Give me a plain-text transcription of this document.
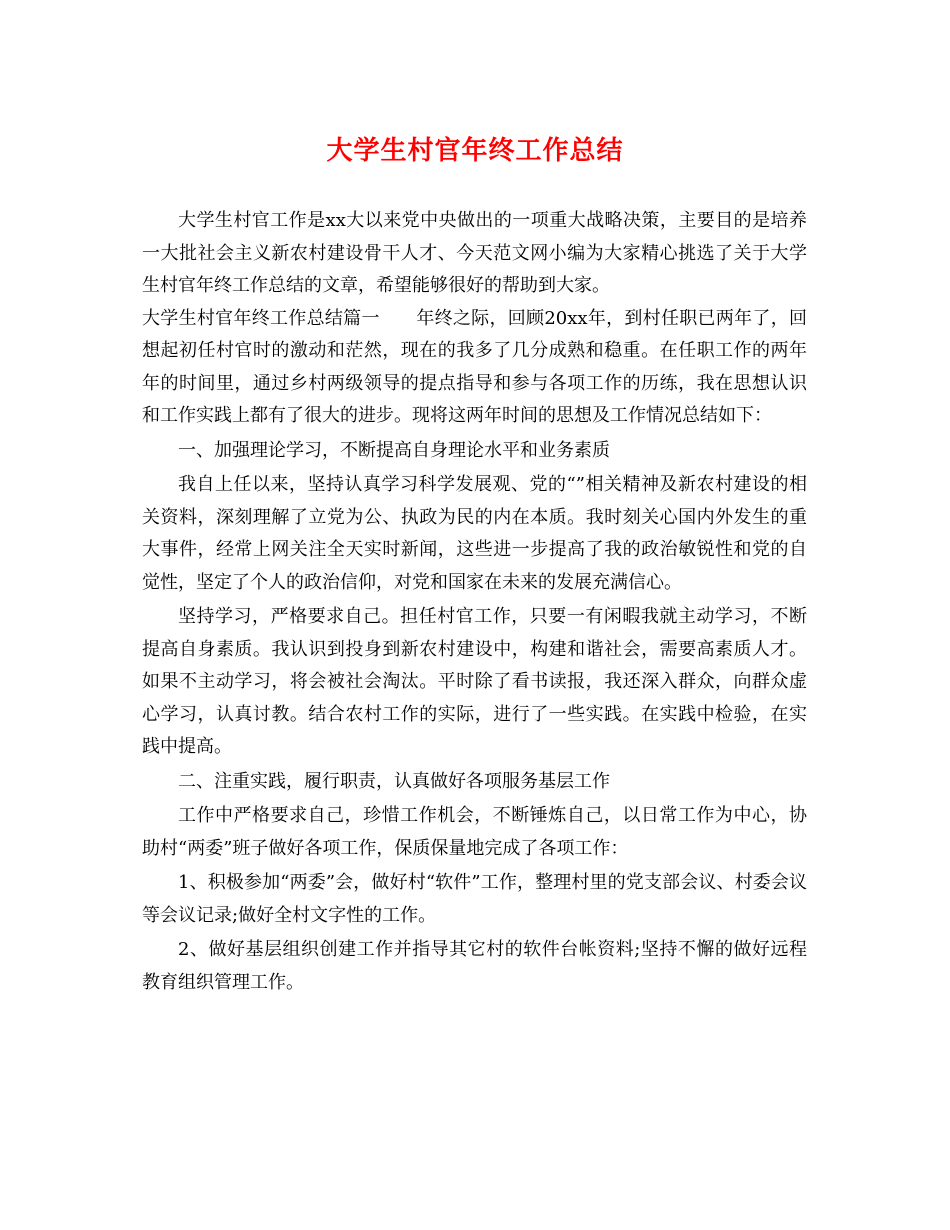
大学生村官年终工作总结

大学生村官工作是xx大以来党中央做出的一项重大战略决策，主要目的是培养一大批社会主义新农村建设骨干人才、今天范文网小编为大家精心挑选了关于大学生村官年终工作总结的文章，希望能够很好的帮助到大家。

大学生村官年终工作总结篇一　　年终之际，回顾20xx年，到村任职已两年了，回想起初任村官时的激动和茫然，现在的我多了几分成熟和稳重。在任职工作的两年年的时间里，通过乡村两级领导的提点指导和参与各项工作的历练，我在思想认识和工作实践上都有了很大的进步。现将这两年时间的思想及工作情况总结如下：

一、加强理论学习，不断提高自身理论水平和业务素质

我自上任以来，坚持认真学习科学发展观、党的“”相关精神及新农村建设的相关资料，深刻理解了立党为公、执政为民的内在本质。我时刻关心国内外发生的重大事件，经常上网关注全天实时新闻，这些进一步提高了我的政治敏锐性和党的自觉性，坚定了个人的政治信仰，对党和国家在未来的发展充满信心。

坚持学习，严格要求自己。担任村官工作，只要一有闲暇我就主动学习，不断提高自身素质。我认识到投身到新农村建设中，构建和谐社会，需要高素质人才。如果不主动学习，将会被社会淘汰。平时除了看书读报，我还深入群众，向群众虚心学习，认真讨教。结合农村工作的实际，进行了一些实践。在实践中检验，在实践中提高。

二、注重实践，履行职责，认真做好各项服务基层工作

工作中严格要求自己，珍惜工作机会，不断锤炼自己，以日常工作为中心，协助村“两委”班子做好各项工作，保质保量地完成了各项工作：

1、积极参加“两委”会，做好村“软件”工作，整理村里的党支部会议、村委会议等会议记录;做好全村文字性的工作。

2、做好基层组织创建工作并指导其它村的软件台帐资料;坚持不懈的做好远程教育组织管理工作。
